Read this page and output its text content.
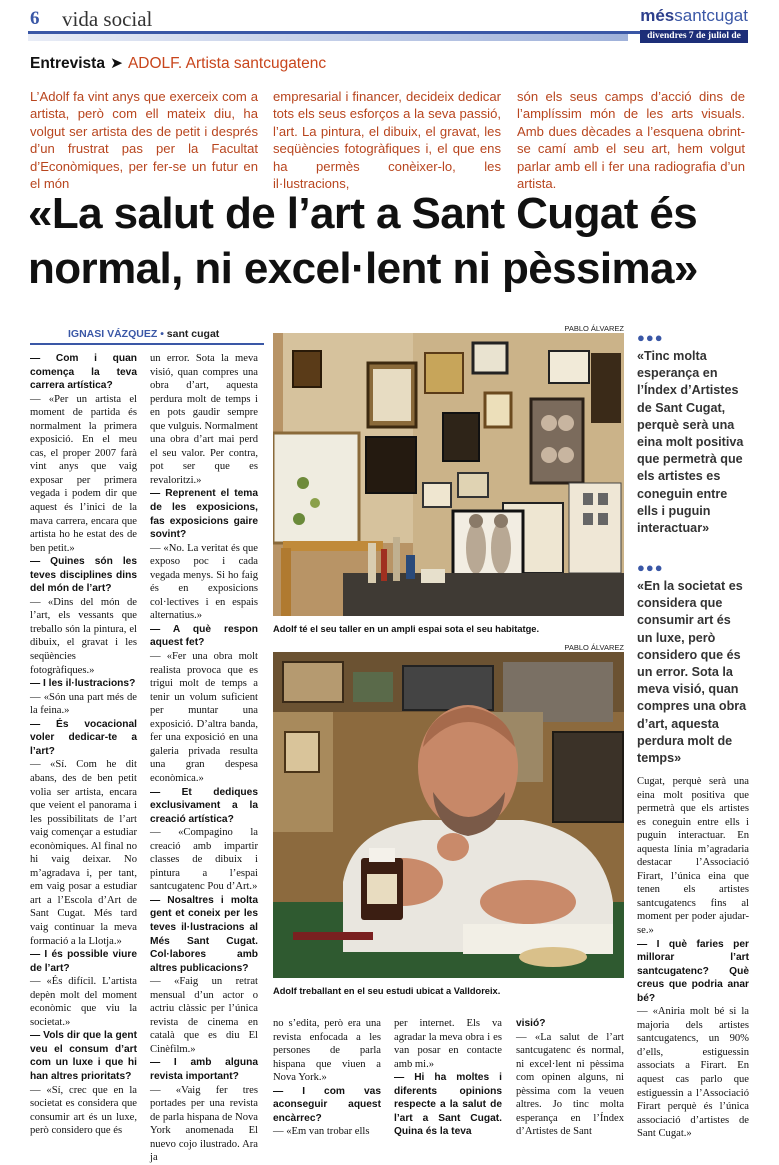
6 vida social	méssantcugat
divendres 7 de juliol de 2006
Entrevista ➤ ADOLF. Artista santcugatenc
L’Adolf fa vint anys que exerceix com a artista, però com ell mateix diu, ha volgut ser artista des de petit i després d’un frustrat pas per la Facultat d’Econòmiques, per fer-se un futur en el món
empresarial i financer, decideix dedicar tots els seus esforços a la seva passió, l’art. La pintura, el dibuix, el gravat, les seqüències fotogràfiques i, el que ens ha permès conèixer-lo, les il·lustracions,
són els seus camps d’acció dins de l’amplíssim món de les arts visuals. Amb dues dècades a l’esquena obrint-se camí amb el seu art, hem volgut parlar amb ell i fer una radiografia d’un artista.
«La salut de l’art a Sant Cugat és normal, ni excel·lent ni pèssima»
IGNASI VÁZQUEZ • sant cugat

— Com i quan comença la teva carrera artística?

— «Per un artista el moment de partida és normalment la primera exposició. En el meu cas, el proper 2007 farà vint anys que vaig exposar per primera vegada i podem dir que aquest és l’inici de la mava carrera, encara que artista ho he estat des de ben petit.»

— Quines són les teves disciplines dins del món de l’art?

— «Dins del món de l’art, els vessants que treballo són la pintura, el dibuix, el gravat i les seqüències fotogràfiques.»

— I les il·lustracions?

— «Són una part més de la feina.»

— És vocacional voler dedicar-te a l’art?

— «Sí. Com he dit abans, des de ben petit volia ser artista, encara que veient el panorama i les possibilitats de l’art vaig començar a estudiar econòmiques. Al final no hi vaig deixar. No m’agradava i, per tant, em vaig posar a estudiar art a l’Escola d’Art de Sant Cugat. Més tard vaig continuar la meva formació a la Llotja.»

— I és possible viure de l’art?

— «És difícil. L’artista depèn molt del moment econòmic que viu la societat.»

— Vols dir que la gent veu el consum d’art com un luxe i que hi han altres prioritats?

— «Sí, crec que en la societat es considera que consumir art és un luxe, però considero que és

un error. Sota la meva visió, quan compres una obra d’art, aquesta perdura molt de temps i en pots gaudir sempre que vulguis. Normalment una obra d’art mai perd el seu valor. Per contra, pot ser que es revaloritzi.»

— Reprenent el tema de les exposicions, fas exposicions gaire sovint?

— «No. La veritat és que exposo poc i cada vegada menys. Si ho faig és en exposicions col·lectives i en espais alternatius.»

— A què respon aquest fet?

— «Fer una obra molt realista provoca que es trigui molt de temps a tenir un volum suficient per muntar una exposició. D’altra banda, fer una exposició en una galeria privada resulta una gran despesa econòmica.»

— Et dediques exclusivament a la creació artística?

— «Compagino la creació amb impartir classes de dibuix i pintura a l’espai santcugatenc Pou d’Art.»

— Nosaltres i molta gent et coneix per les teves il·lustracions al Més Sant Cugat. Col·labores amb altres publicacions?

— «Faig un retrat mensual d’un actor o actriu clàssic per l’única revista de cinema en català que es diu El Cinèfilm.»

— I amb alguna revista important?

— «Vaig fer tres portades per una revista de parla hispana de Nova York anomenada El nuevo cojo ilustrado. Ara ja

no s’edita, però era una revista enfocada a les persones de parla hispana que viuen a Nova York.»

— I com vas aconseguir aquest encàrrec?

— «Em van trobar ells

per internet. Els va agradar la meva obra i es van posar en contacte amb mi.»

— Hi ha moltes i diferents opinions respecte a la salut de l’art a Sant Cugat. Quina és la teva

visió?

— «La salut de l’art santcugatenc és normal, ni excel·lent ni pèssima com opinen alguns, ni pèssima com la veuen altres. Jo tinc molta esperança en l’Índex d’Artistes de Sant

Cugat, perquè serà una eina molt positiva que permetrà que els artistes es coneguin entre ells i puguin interactuar. En aquesta línia m’agradaria destacar l’Associació Firart, l’única eina que tenen els artistes santcugatencs fins al moment per poder ajudar-se.»

— I què faries per millorar l’art santcugatenc? Què creus que podria anar bé?

— «Aniria molt bé si la majoria dels artistes santcugatencs, un 90% d’ells, estiguessin associats a Firart. En aquest cas parlo que estiguessin a l’Associació Firart perquè és l’única associació d’artistes de Sant Cugat.»

PABLO ÁLVAREZ
Adolf té el seu taller en un ampli espai sota el seu habitatge.
PABLO ÁLVAREZ
Adolf treballant en el seu estudi ubicat a Valldoreix.
●●●
«Tinc molta esperança en l’Índex d’Artistes de Sant Cugat, perquè serà una eina molt positiva que permetrà que els artistes es coneguin entre ells i puguin interactuar»
●●●
«En la societat es considera que consumir art és un luxe, però considero que és un error. Sota la meva visió, quan compres una obra d’art, aquesta perdura molt de temps»
